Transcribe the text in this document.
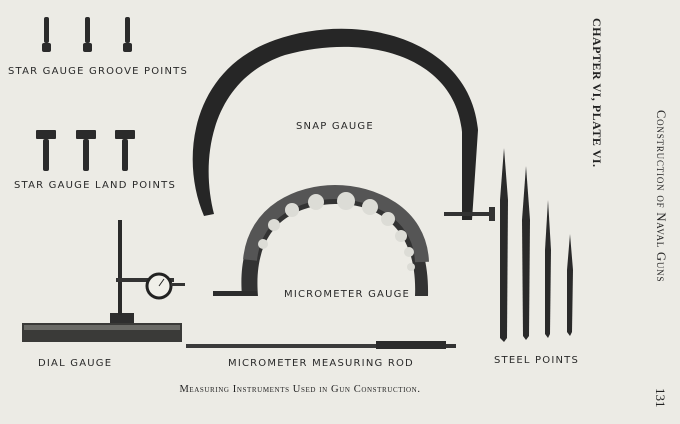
STAR GAUGE GROOVE POINTS
STAR GAUGE LAND POINTS
SNAP GAUGE
MICROMETER GAUGE
DIAL GAUGE	MICROMETER MEASURING ROD	STEEL POINTS
Measuring Instruments Used in Gun Construction.
CHAPTER VI, PLATE VI.
Construction of Naval Guns
131
